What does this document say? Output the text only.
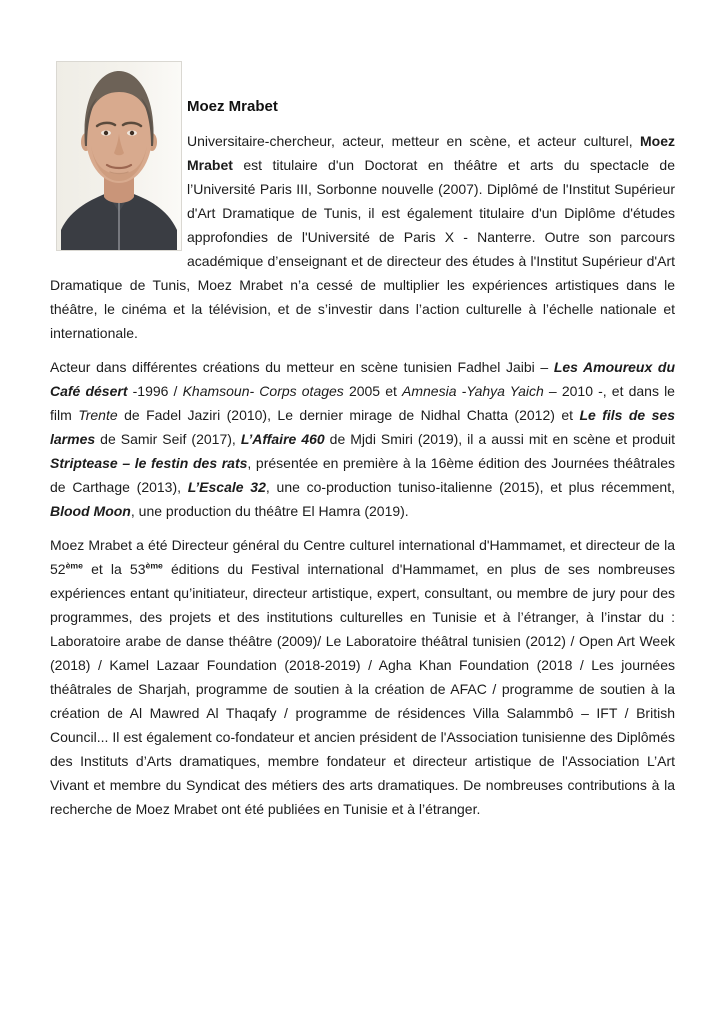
Moez Mrabet

Universitaire-chercheur, acteur, metteur en scène, et acteur culturel, Moez Mrabet est titulaire d'un Doctorat en théâtre et arts du spectacle de l’Université Paris III, Sorbonne nouvelle (2007). Diplômé de l'Institut Supérieur d'Art Dramatique de Tunis, il est également titulaire d'un Diplôme d'études approfondies de l'Université de Paris X - Nanterre. Outre son parcours académique d’enseignant et de directeur des études à l'Institut Supérieur d'Art Dramatique de Tunis, Moez Mrabet n’a cessé de multiplier les expériences artistiques dans le théâtre, le cinéma et la télévision, et de s’investir dans l’action culturelle à l’échelle nationale et internationale.

Acteur dans différentes créations du metteur en scène tunisien Fadhel Jaibi – Les Amoureux du Café désert -1996 / Khamsoun- Corps otages 2005 et Amnesia -Yahya Yaich – 2010 -, et dans le film Trente de Fadel Jaziri (2010), Le dernier mirage de Nidhal Chatta (2012) et Le fils de ses larmes de Samir Seif (2017), L’Affaire 460 de Mjdi Smiri (2019), il a aussi mit en scène et produit Striptease – le festin des rats, présentée en première à la 16ème édition des Journées théâtrales de Carthage (2013), L’Escale 32, une co-production tuniso-italienne (2015), et plus récemment, Blood Moon, une production du théâtre El Hamra (2019).

Moez Mrabet a été Directeur général du Centre culturel international d'Hammamet, et directeur de la 52ème et la 53ème éditions du Festival international d'Hammamet, en plus de ses nombreuses expériences entant qu’initiateur, directeur artistique, expert, consultant, ou membre de jury pour des programmes, des projets et des institutions culturelles en Tunisie et à l’étranger, à l’instar du : Laboratoire arabe de danse théâtre (2009)/ Le Laboratoire théâtral tunisien (2012) / Open Art Week (2018) / Kamel Lazaar Foundation (2018-2019) / Agha Khan Foundation (2018 / Les journées théâtrales de Sharjah, programme de soutien à la création de AFAC / programme de soutien à la création de Al Mawred Al Thaqafy / programme de résidences Villa Salammbô – IFT / British Council... Il est également co-fondateur et ancien président de l'Association tunisienne des Diplômés des Instituts d’Arts dramatiques, membre fondateur et directeur artistique de l'Association L’Art Vivant et membre du Syndicat des métiers des arts dramatiques. De nombreuses contributions à la recherche de Moez Mrabet ont été publiées en Tunisie et à l’étranger.
